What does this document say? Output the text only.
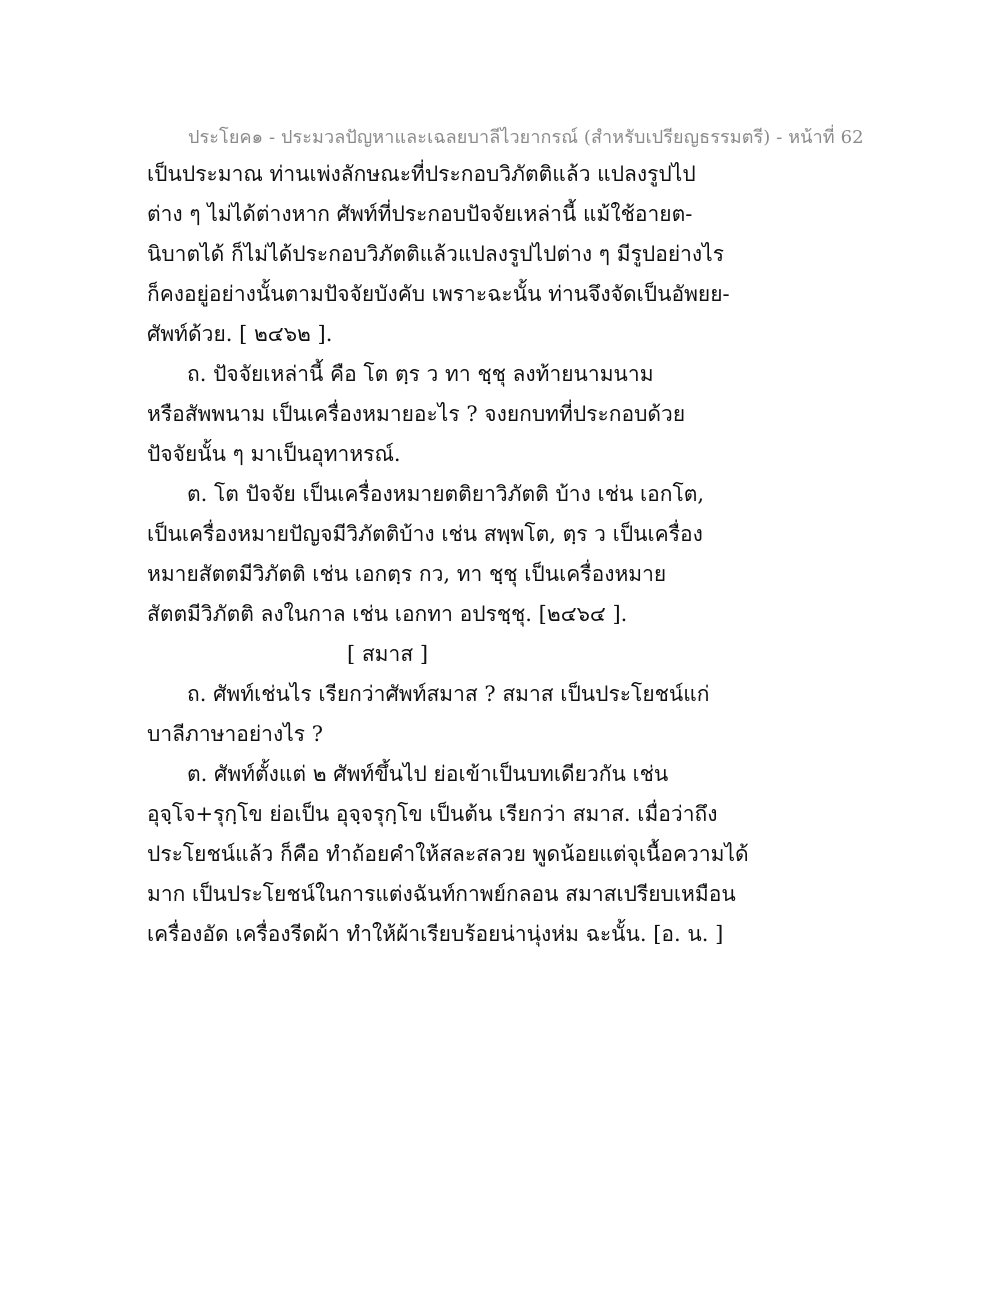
ประโยค๑ - ประมวลปัญหาและเฉลยบาลีไวยากรณ์ (สำหรับเปรียญธรรมตรี) - หน้าที่ 62
เป็นประมาณ ท่านเพ่งลักษณะที่ประกอบวิภัตติแล้ว แปลงรูปไป
ต่าง ๆ ไม่ได้ต่างหาก ศัพท์ที่ประกอบปัจจัยเหล่านี้ แม้ใช้อายต-
นิบาตได้ ก็ไม่ได้ประกอบวิภัตติแล้วแปลงรูปไปต่าง ๆ มีรูปอย่างไร
ก็คงอยู่อย่างนั้นตามปัจจัยบังคับ เพราะฉะนั้น ท่านจึงจัดเป็นอัพยย-
ศัพท์ด้วย. [ ๒๔๖๒ ].
ถ. ปัจจัยเหล่านี้ คือ โต ตฺร ว ทา ชฺชุ ลงท้ายนามนาม
หรือสัพพนาม เป็นเครื่องหมายอะไร ? จงยกบทที่ประกอบด้วย
ปัจจัยนั้น ๆ มาเป็นอุทาหรณ์.
ต. โต ปัจจัย เป็นเครื่องหมายตติยาวิภัตติ บ้าง เช่น เอกโต,
เป็นเครื่องหมายปัญจมีวิภัตติบ้าง เช่น สพฺพโต, ตฺร ว เป็นเครื่อง
หมายสัตตมีวิภัตติ เช่น เอกตฺร กว, ทา ชฺชุ เป็นเครื่องหมาย
สัตตมีวิภัตติ ลงในกาล เช่น เอกทา อปรชฺชุ. [๒๔๖๔ ].
[ สมาส ]
ถ. ศัพท์เช่นไร เรียกว่าศัพท์สมาส ? สมาส เป็นประโยชน์แก่
บาลีภาษาอย่างไร ?
ต. ศัพท์ตั้งแต่ ๒ ศัพท์ขึ้นไป ย่อเข้าเป็นบทเดียวกัน เช่น
อุจฺโจ+รุกฺโข ย่อเป็น อุจฺจรุกฺโข เป็นต้น เรียกว่า สมาส. เมื่อว่าถึง
ประโยชน์แล้ว ก็คือ ทำถ้อยคำให้สละสลวย พูดน้อยแต่จุเนื้อความได้
มาก เป็นประโยชน์ในการแต่งฉันท์กาพย์กลอน สมาสเปรียบเหมือน
เครื่องอัด เครื่องรีดผ้า ทำให้ผ้าเรียบร้อยน่านุ่งห่ม ฉะนั้น. [อ. น. ]
